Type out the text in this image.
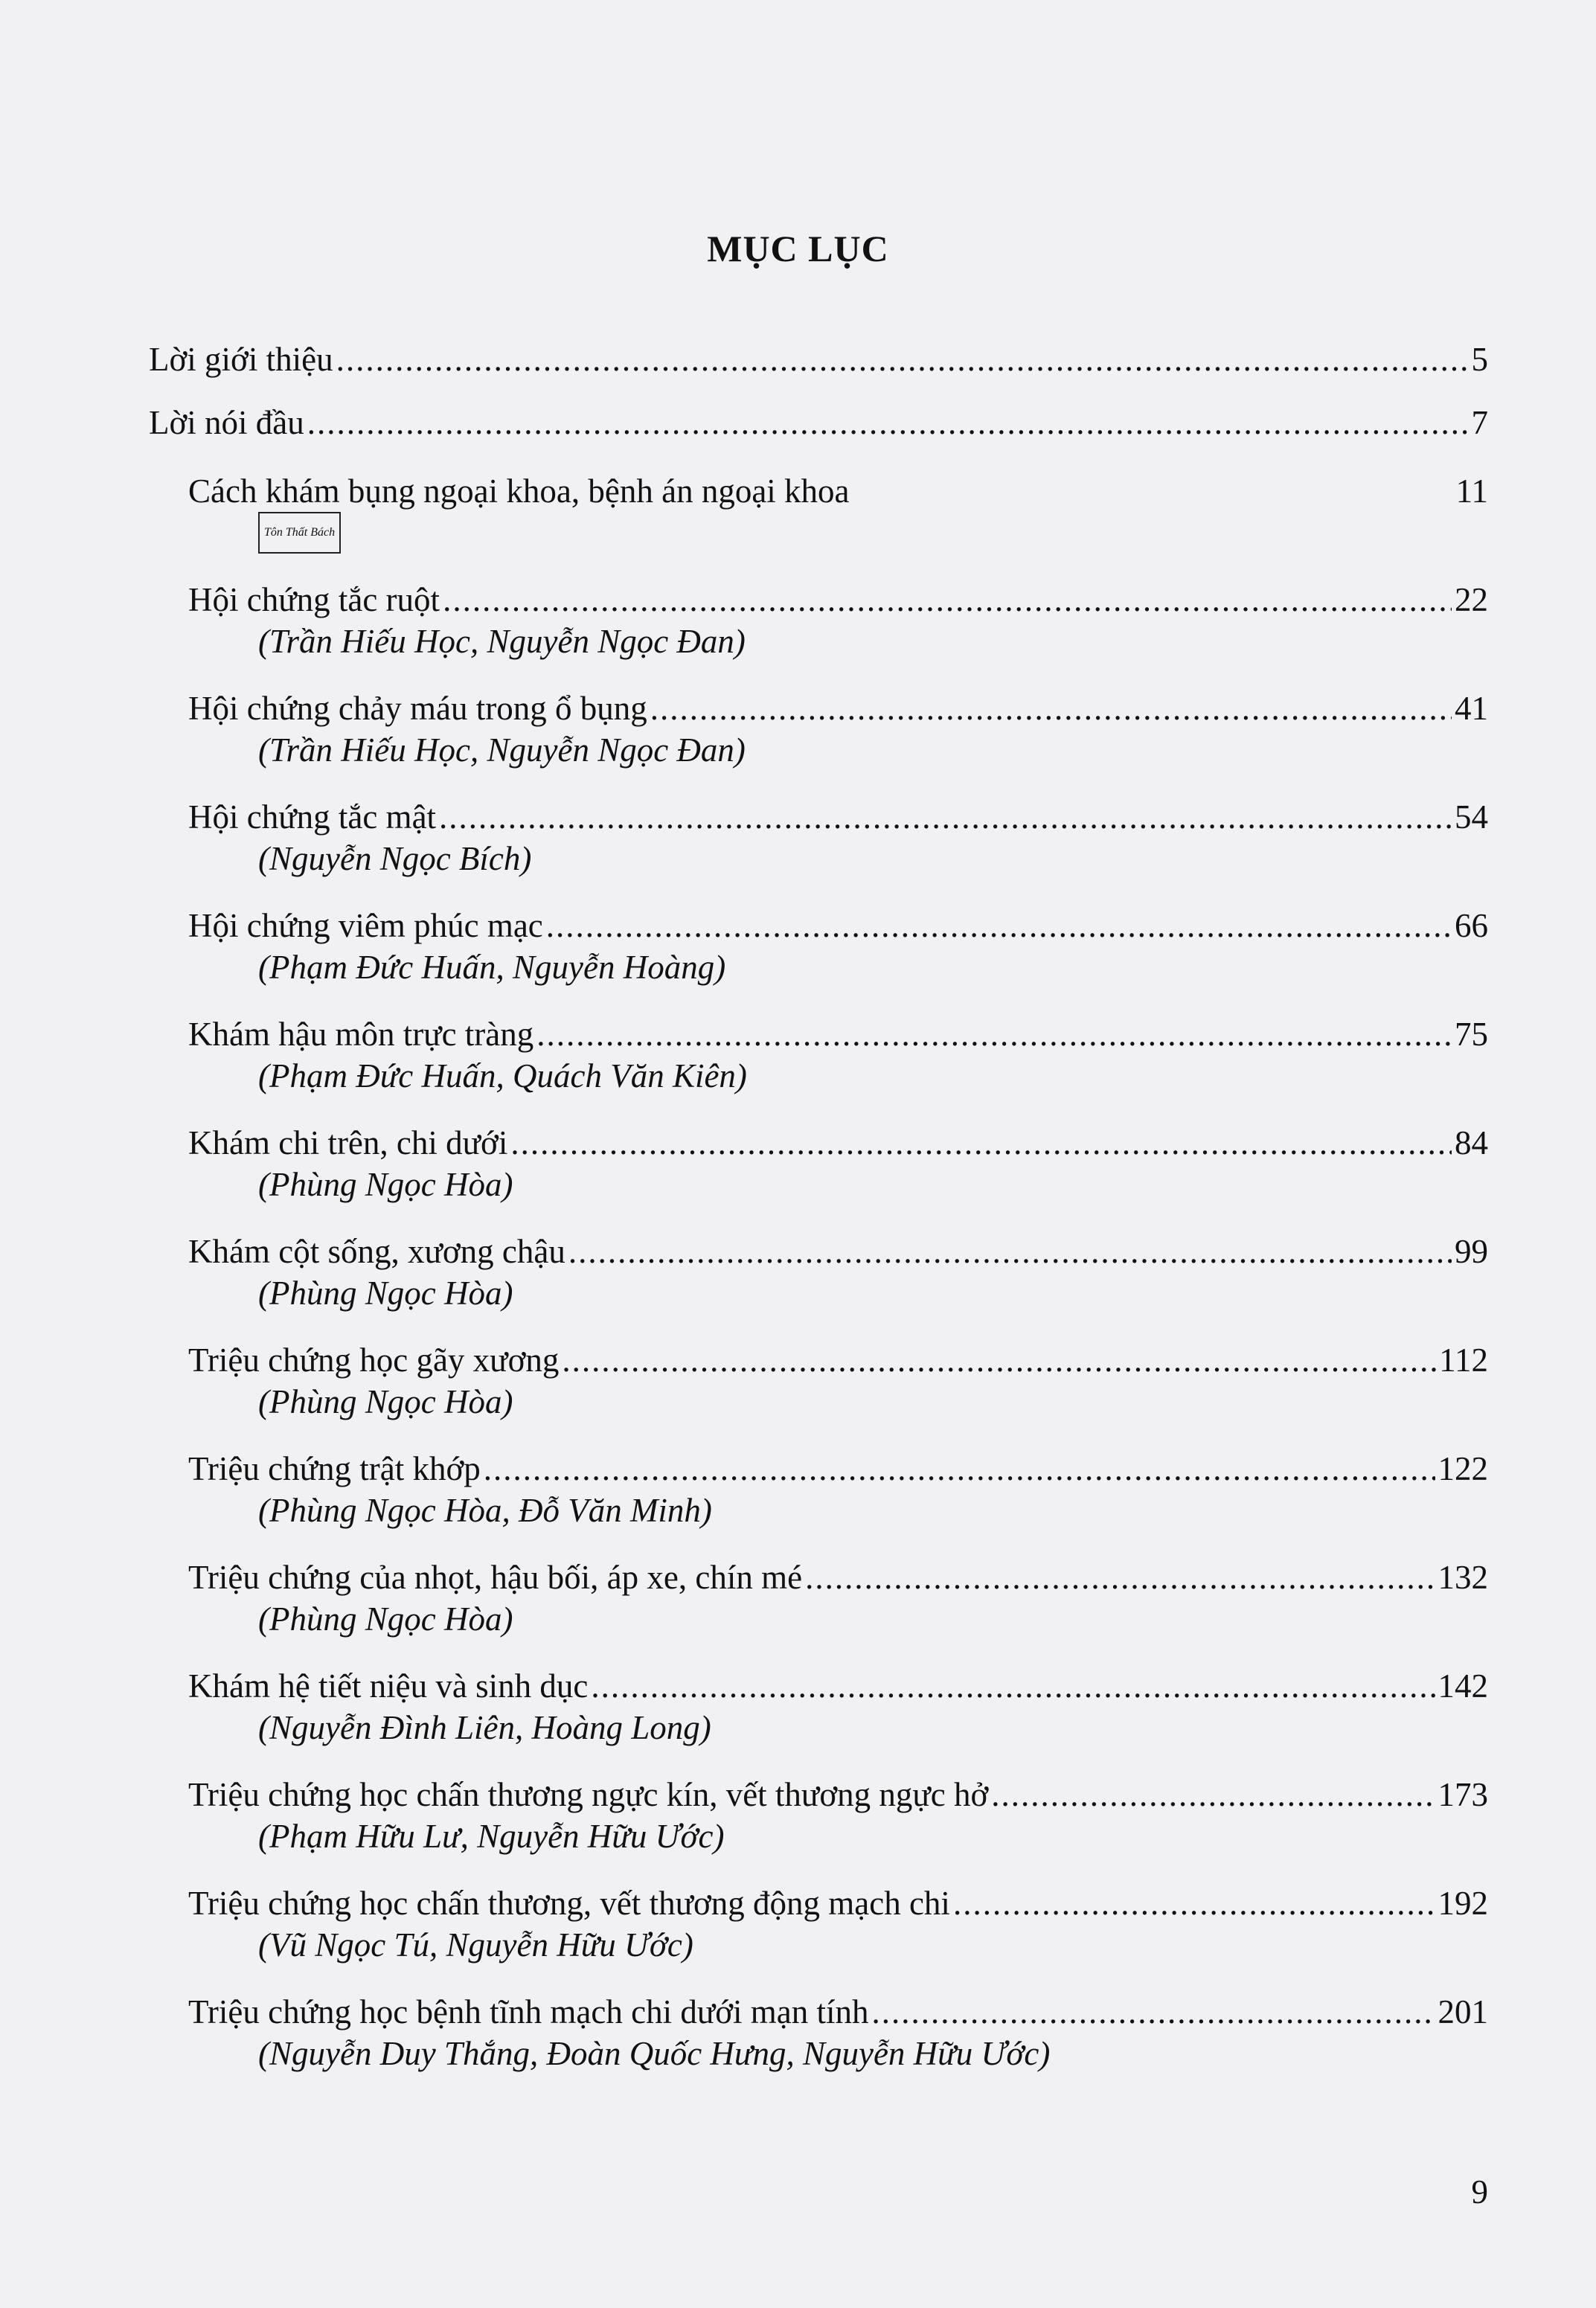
MỤC LỤC
Lời giới thiệu .....	5
Lời nói đầu .....	7
Cách khám bụng ngoại khoa, bệnh án ngoại khoa	11
Tôn Thất Bách
Hội chứng tắc ruột .....	22
(Trần Hiếu Học, Nguyễn Ngọc Đan)
Hội chứng chảy máu trong ổ bụng .....	41
(Trần Hiếu Học, Nguyễn Ngọc Đan)
Hội chứng tắc mật .....	54
(Nguyễn Ngọc Bích)
Hội chứng viêm phúc mạc .....	66
(Phạm Đức Huấn, Nguyễn Hoàng)
Khám hậu môn trực tràng .....	75
(Phạm Đức Huấn, Quách Văn Kiên)
Khám chi trên, chi dưới .....	84
(Phùng Ngọc Hòa)
Khám cột sống, xương chậu .....	99
(Phùng Ngọc Hòa)
Triệu chứng học gãy xương .....	112
(Phùng Ngọc Hòa)
Triệu chứng trật khớp .....	122
(Phùng Ngọc Hòa, Đỗ Văn Minh)
Triệu chứng của nhọt, hậu bối, áp xe, chín mé .....	132
(Phùng Ngọc Hòa)
Khám hệ tiết niệu và sinh dục .....	142
(Nguyễn Đình Liên, Hoàng Long)
Triệu chứng học chấn thương ngực kín, vết thương ngực hở .....	173
(Phạm Hữu Lư, Nguyễn Hữu Ước)
Triệu chứng học chấn thương, vết thương động mạch chi .....	192
(Vũ Ngọc Tú, Nguyễn Hữu Ước)
Triệu chứng học bệnh tĩnh mạch chi dưới mạn tính .....	201
(Nguyễn Duy Thắng, Đoàn Quốc Hưng, Nguyễn Hữu Ước)
9
